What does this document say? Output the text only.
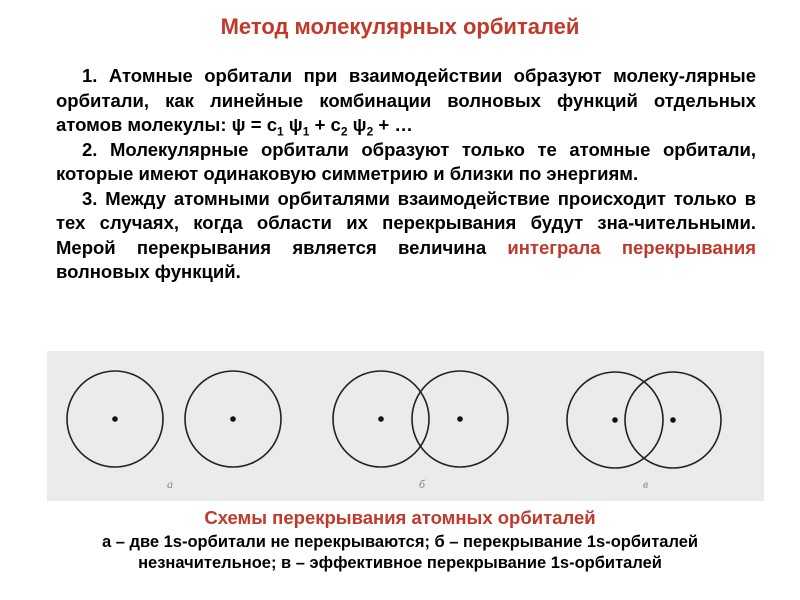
Метод молекулярных орбиталей

1. Атомные орбитали при взаимодействии образуют молеку-лярные орбитали, как линейные комбинации волновых функций отдельных атомов молекулы: $\psi = c_1$ $\psi_1 + c_2$ $\psi_2$ + …

2. Молекулярные орбитали образуют только те атомные орбитали, которые имеют одинаковую симметрию и близки по энергиям.

3. Между атомными орбиталями взаимодействие происходит только в тех случаях, когда области их перекрывания будут зна-чительными. Мерой перекрывания является величина интеграла перекрывания волновых функций.

a	б	в
Схемы перекрывания атомных орбиталей
а – две 1s-орбитали не перекрываются; б – перекрывание 1s-орбиталей
незначительное; в – эффективное перекрывание 1s-орбиталей
